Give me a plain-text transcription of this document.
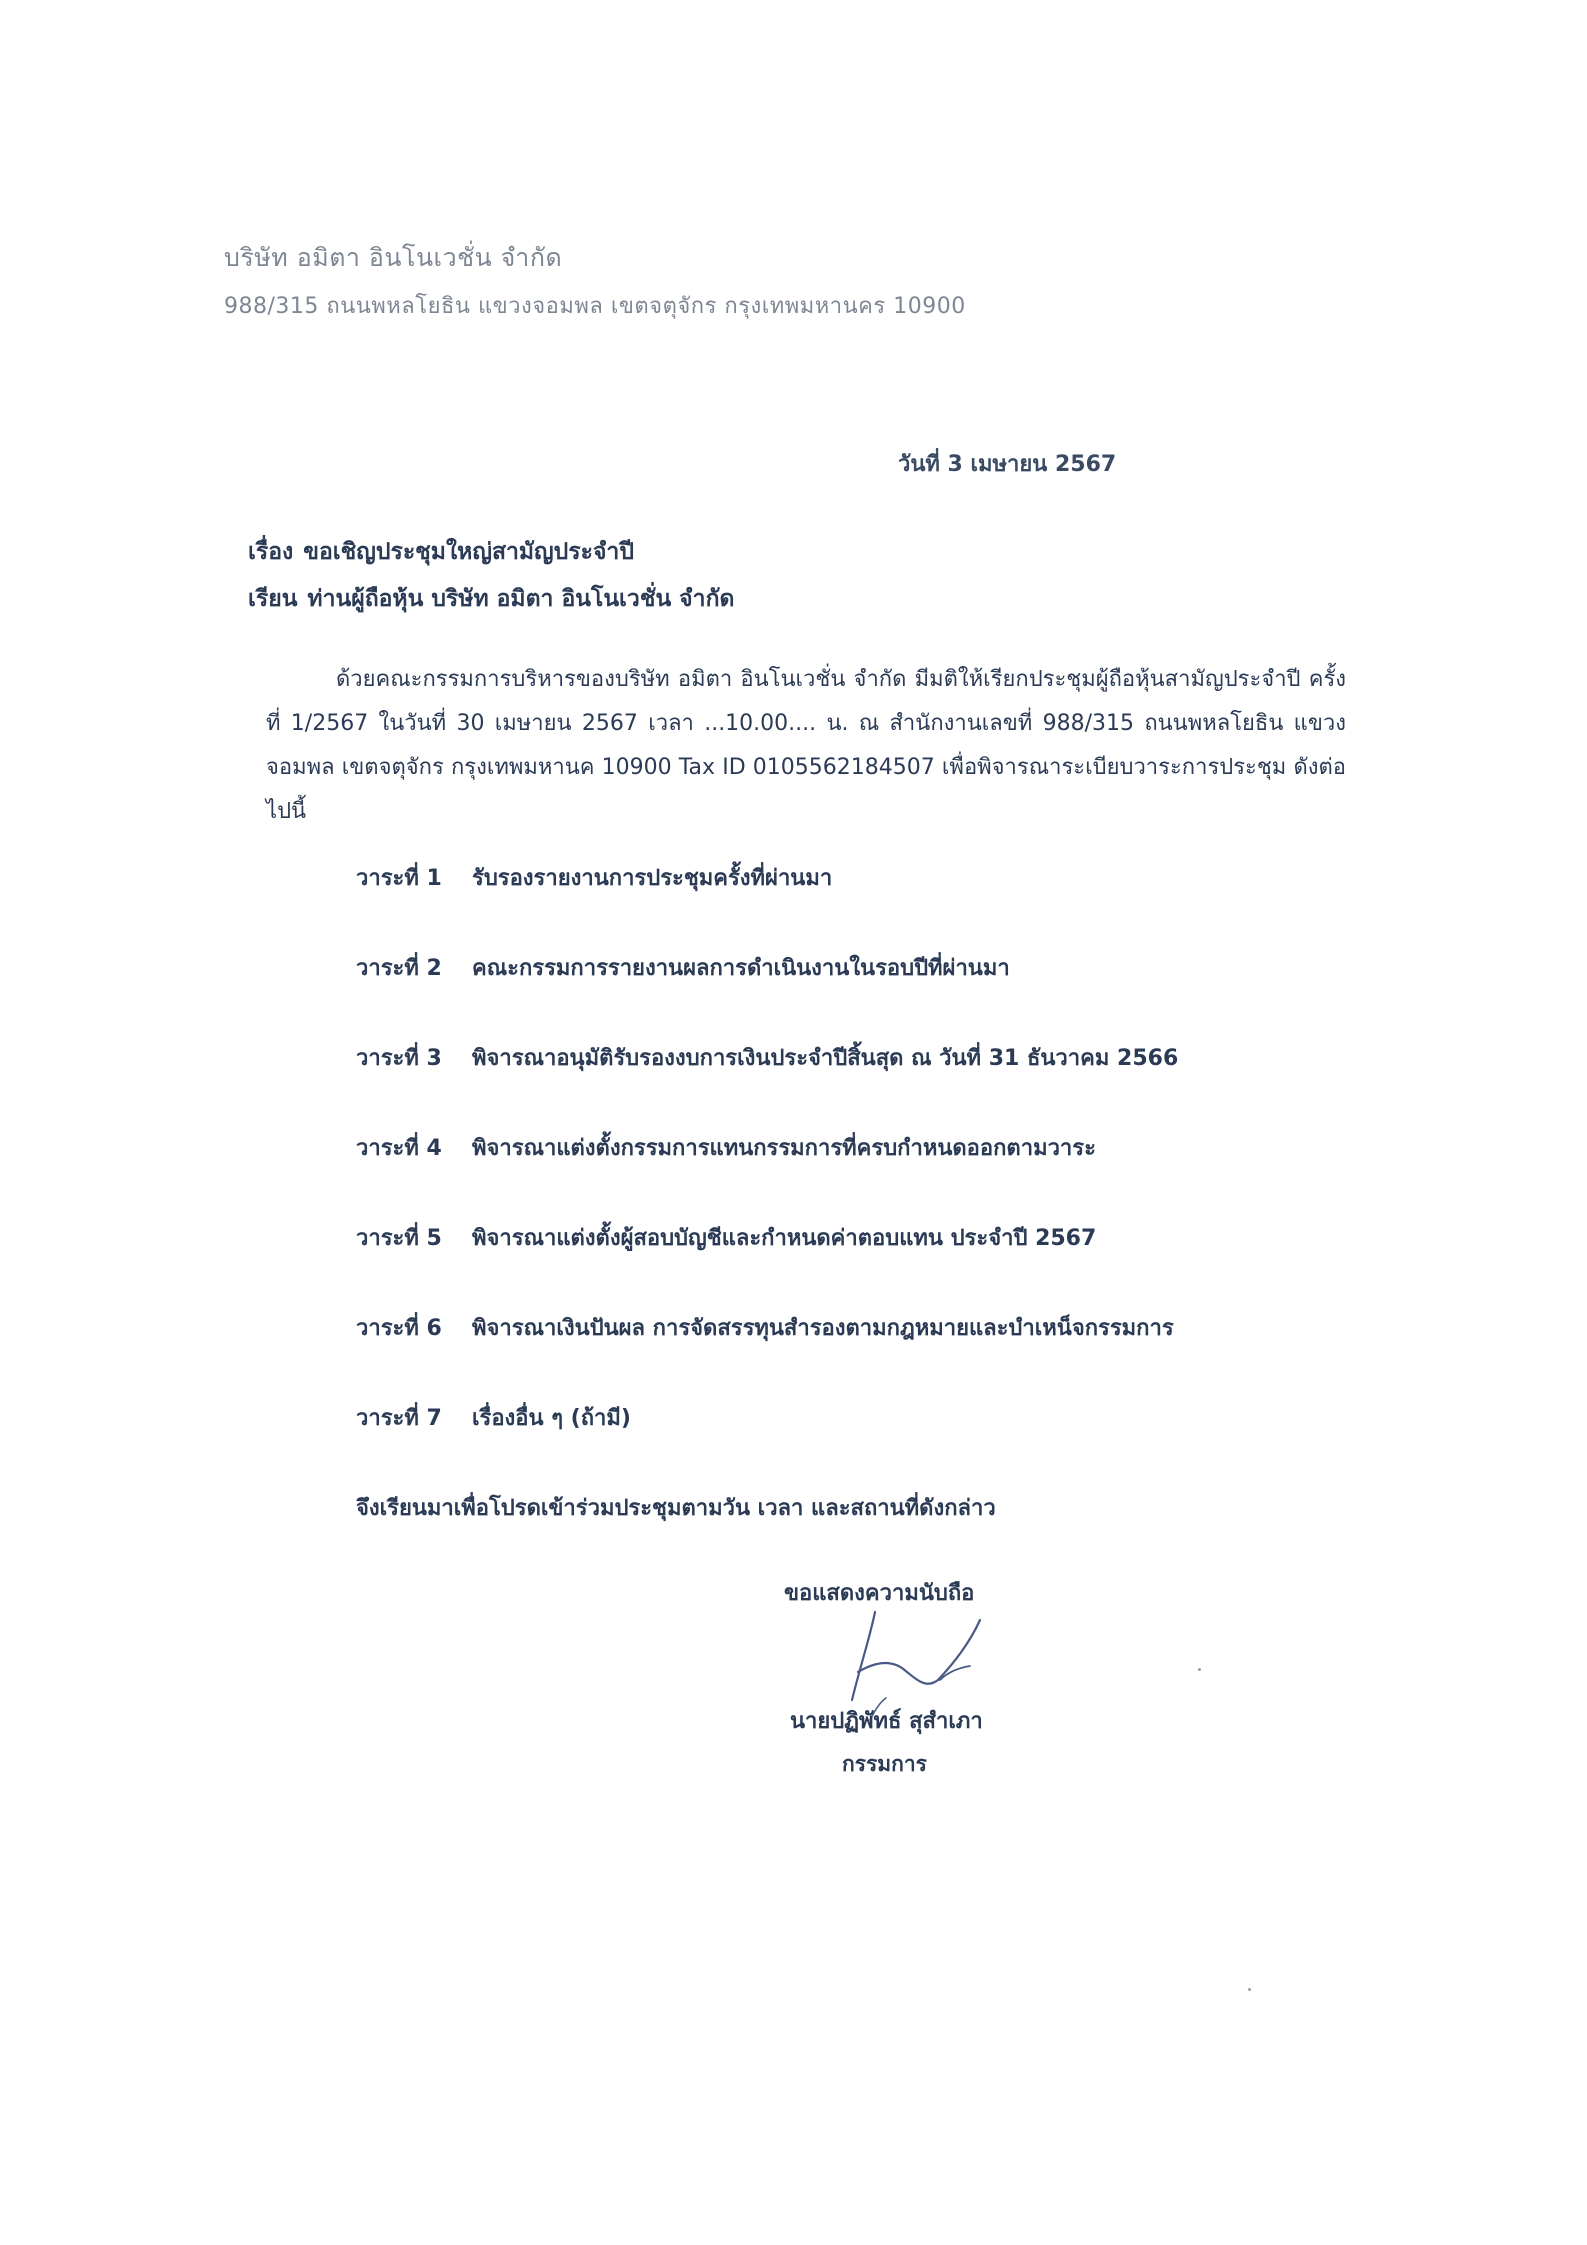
บริษัท อมิตา อินโนเวชั่น จำกัด
988/315 ถนนพหลโยธิน แขวงจอมพล เขตจตุจักร กรุงเทพมหานคร 10900
วันที่ 3 เมษายน 2567
เรื่อง ขอเชิญประชุมใหญ่สามัญประจำปี
เรียน ท่านผู้ถือหุ้น บริษัท อมิตา อินโนเวชั่น จำกัด
ด้วยคณะกรรมการบริหารของบริษัท อมิตา อินโนเวชั่น จำกัด มีมติให้เรียกประชุมผู้ถือหุ้นสามัญประจำปี ครั้งที่ 1/2567 ในวันที่ 30 เมษายน 2567 เวลา ...10.00.... น. ณ สำนักงานเลขที่ 988/315 ถนนพหลโยธิน แขวงจอมพล เขตจตุจักร กรุงเทพมหานค 10900 Tax ID 0105562184507 เพื่อพิจารณาระเบียบวาระการประชุม ดังต่อไปนี้
วาระที่ 1	รับรองรายงานการประชุมครั้งที่ผ่านมา
วาระที่ 2	คณะกรรมการรายงานผลการดำเนินงานในรอบปีที่ผ่านมา
วาระที่ 3	พิจารณาอนุมัติรับรองงบการเงินประจำปีสิ้นสุด ณ วันที่ 31 ธันวาคม 2566
วาระที่ 4	พิจารณาแต่งตั้งกรรมการแทนกรรมการที่ครบกำหนดออกตามวาระ
วาระที่ 5	พิจารณาแต่งตั้งผู้สอบบัญชีและกำหนดค่าตอบแทน ประจำปี 2567
วาระที่ 6	พิจารณาเงินปันผล การจัดสรรทุนสำรองตามกฎหมายและบำเหน็จกรรมการ
วาระที่ 7	เรื่องอื่น ๆ (ถ้ามี)
จึงเรียนมาเพื่อโปรดเข้าร่วมประชุมตามวัน เวลา และสถานที่ดังกล่าว
ขอแสดงความนับถือ
นายปฏิพัทธ์ สุสำเภา
กรรมการ
